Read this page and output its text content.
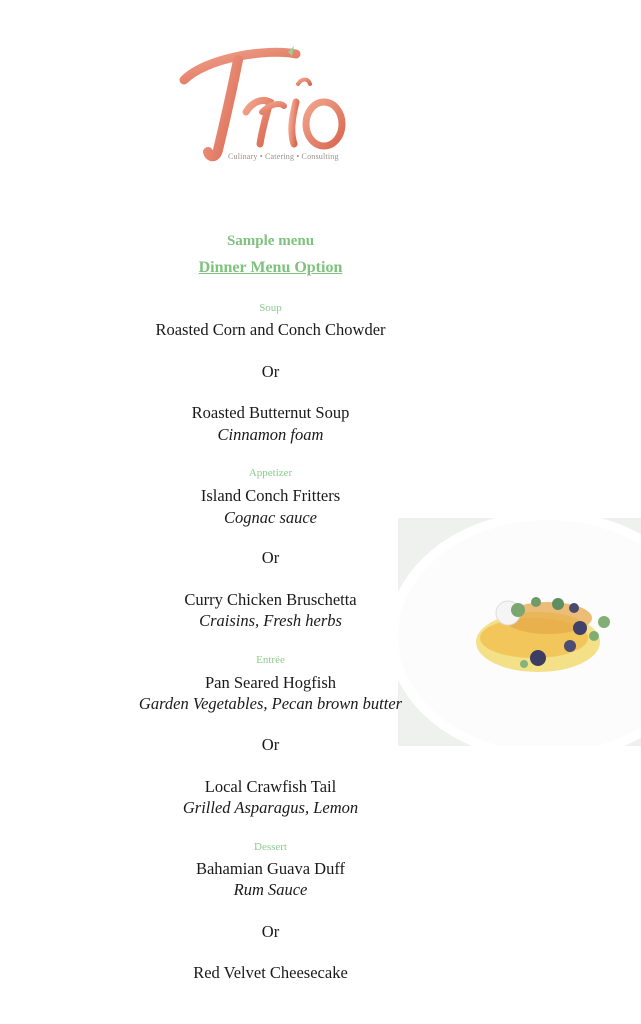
Culinary • Catering • Consulting
Sample menu
Dinner Menu Option
Soup
Roasted Corn and Conch Chowder
Or
Roasted Butternut Soup
Cinnamon foam
Appetizer
Island Conch Fritters
Cognac sauce
Or
Curry Chicken Bruschetta
Craisins, Fresh herbs
Entrée
Pan Seared Hogfish
Garden Vegetables, Pecan brown butter
Or
Local Crawfish Tail
Grilled Asparagus, Lemon
Dessert
Bahamian Guava Duff
Rum Sauce
Or
Red Velvet Cheesecake
